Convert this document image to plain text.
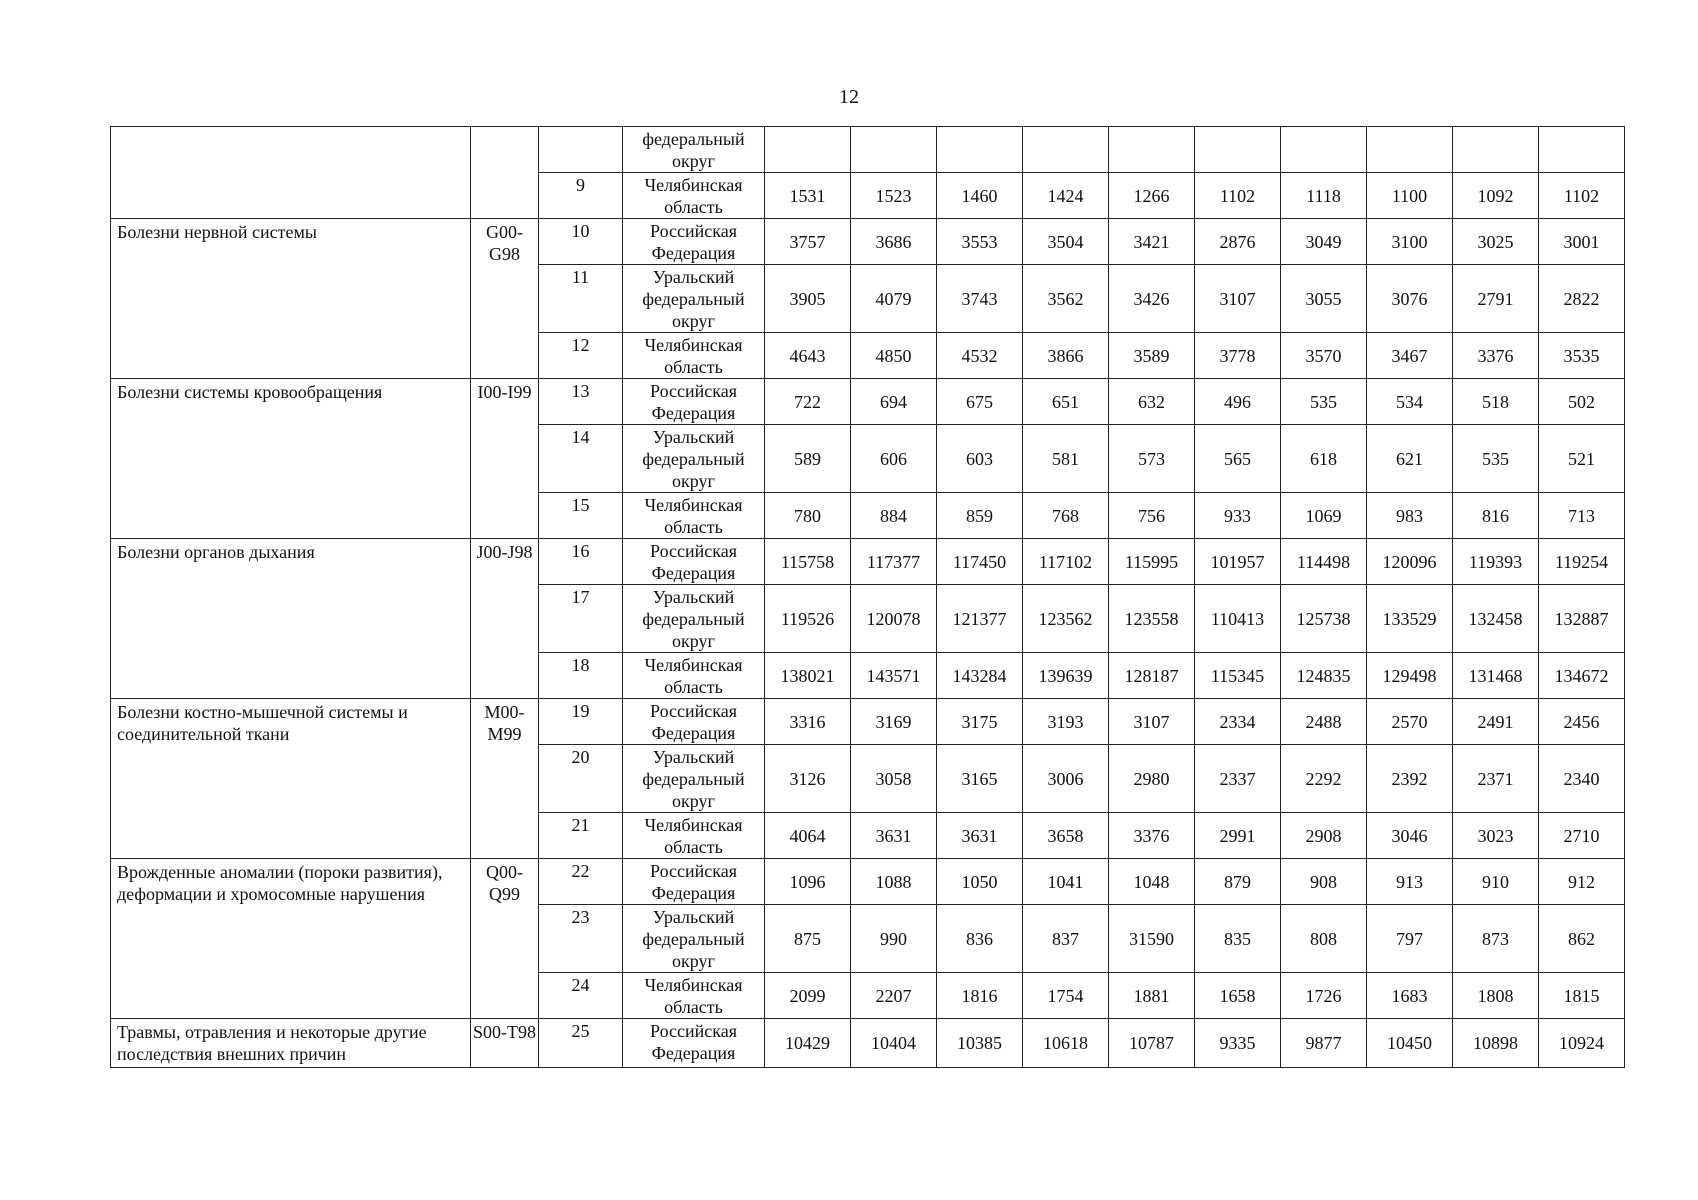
12
			федеральный округ										
		9	Челябинская область	1531	1523	1460	1424	1266	1102	1118	1100	1092	1102
Болезни нервной системы	G00-G98	10	Российская Федерация	3757	3686	3553	3504	3421	2876	3049	3100	3025	3001
		11	Уральский федеральный округ	3905	4079	3743	3562	3426	3107	3055	3076	2791	2822
		12	Челябинская область	4643	4850	4532	3866	3589	3778	3570	3467	3376	3535
Болезни системы кровообращения	I00-I99	13	Российская Федерация	722	694	675	651	632	496	535	534	518	502
		14	Уральский федеральный округ	589	606	603	581	573	565	618	621	535	521
		15	Челябинская область	780	884	859	768	756	933	1069	983	816	713
Болезни органов дыхания	J00-J98	16	Российская Федерация	115758	117377	117450	117102	115995	101957	114498	120096	119393	119254
		17	Уральский федеральный округ	119526	120078	121377	123562	123558	110413	125738	133529	132458	132887
		18	Челябинская область	138021	143571	143284	139639	128187	115345	124835	129498	131468	134672
Болезни костно-мышечной системы и соединительной ткани	M00-M99	19	Российская Федерация	3316	3169	3175	3193	3107	2334	2488	2570	2491	2456
		20	Уральский федеральный округ	3126	3058	3165	3006	2980	2337	2292	2392	2371	2340
		21	Челябинская область	4064	3631	3631	3658	3376	2991	2908	3046	3023	2710
Врожденные аномалии (пороки развития), деформации и хромосомные нарушения	Q00-Q99	22	Российская Федерация	1096	1088	1050	1041	1048	879	908	913	910	912
		23	Уральский федеральный округ	875	990	836	837	31590	835	808	797	873	862
		24	Челябинская область	2099	2207	1816	1754	1881	1658	1726	1683	1808	1815
Травмы, отравления и некоторые другие последствия внешних причин	S00-T98	25	Российская Федерация	10429	10404	10385	10618	10787	9335	9877	10450	10898	10924
